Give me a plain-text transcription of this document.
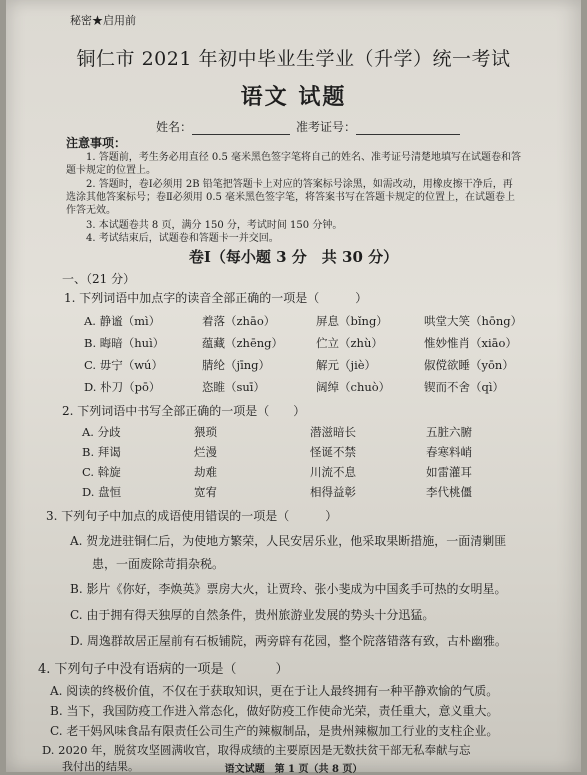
秘密★启用前
铜仁市 2021 年初中毕业生学业（升学）统一考试
语文 试题
姓名：	准考证号：
注意事项：
1. 答题前，考生务必用直径 0.5 毫米黑色签字笔将自己的姓名、准考证号清楚地填写在试题卷和答题卡规定的位置上。
2. 答题时，卷Ⅰ必须用 2B 铅笔把答题卡上对应的答案标号涂黑，如需改动，用橡皮擦干净后，再选涂其他答案标号；卷Ⅱ必须用 0.5 毫米黑色签字笔，将答案书写在答题卡规定的位置上，在试题卷上作答无效。
3. 本试题卷共 8 页，满分 150 分，考试时间 150 分钟。
4. 考试结束后，试题卷和答题卡一并交回。
卷Ⅰ（每小题 3 分　共 30 分）
一、（21 分）
1. 下列词语中加点字的读音全部正确的一项是（　　　）
A. 静谧（mì）	着落（zhāo）	屏息（bǐng）	哄堂大笑（hōng）
B. 晦暗（huì）	蕴藏（zhēng）	伫立（zhù）	惟妙惟肖（xiāo）
C. 毋宁（wú）	腈纶（jīng）	解元（jiè）	俶傥欲睡（yōn）
D. 朴刀（pō）	恣睢（suī）	阔绰（chuò）	锲而不舍（qì）
2. 下列词语中书写全部正确的一项是（　　）
A. 分歧	猥琐	潜滋暗长	五脏六腑
B. 拜谒	烂漫	怪诞不禁	春寒料峭
C. 斡旋	劫难	川流不息	如雷灌耳
D. 盘恒	宽宥	相得益彰	李代桃僵
3. 下列句子中加点的成语使用错误的一项是（　　　）
A. 贺龙进驻铜仁后，为使地方繁荣，人民安居乐业，他采取果断措施，一面清剿匪
患，一面废除苛捐杂税。
B. 影片《你好，李焕英》票房大火，让贾玲、张小斐成为中国炙手可热的女明星。
C. 由于拥有得天独厚的自然条件，贵州旅游业发展的势头十分迅猛。
D. 周逸群故居正屋前有石板铺院，两旁辟有花园，整个院落错落有致，古朴幽雅。
4. 下列句子中没有语病的一项是（　　　）
A. 阅读的终极价值，不仅在于获取知识，更在于让人最终拥有一种平静欢愉的气质。
B. 当下，我国防疫工作进入常态化，做好防疫工作使命光荣，责任重大，意义重大。
C. 老干妈风味食品有限责任公司生产的辣椒制品，是贵州辣椒加工行业的支柱企业。
D. 2020 年，脱贫攻坚圆满收官，取得成绩的主要原因是无数扶贫干部无私奉献与忘
我付出的结果。	语文试题　第 1 页（共 8 页）
